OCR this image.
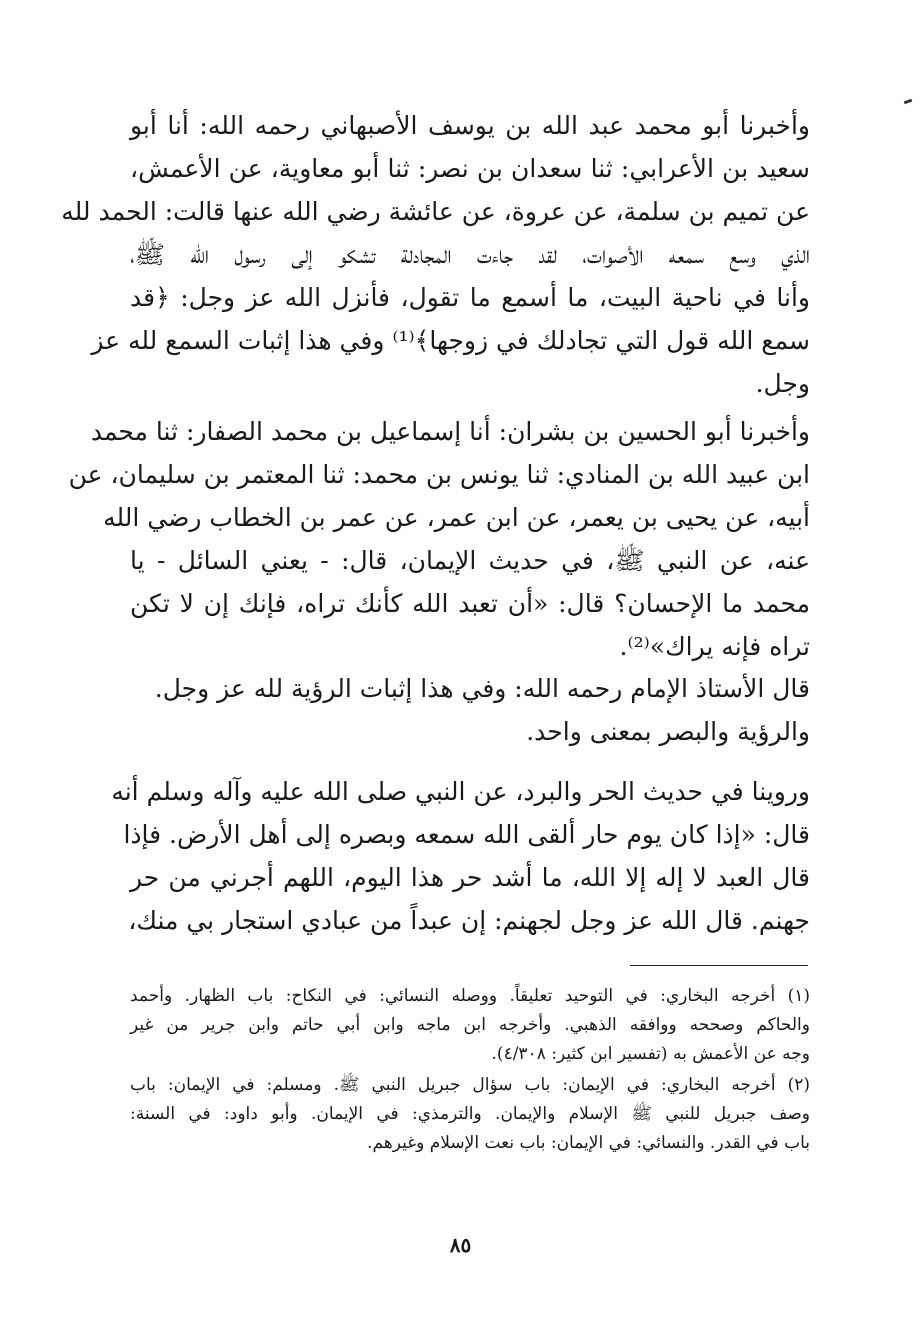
وأخبرنا أبو محمد عبد الله بن يوسف الأصبهاني رحمه الله: أنا أبو
سعيد بن الأعرابي: ثنا سعدان بن نصر: ثنا أبو معاوية، عن الأعمش،
عن تميم بن سلمة، عن عروة، عن عائشة رضي الله عنها قالت: الحمد لله
الذي وسع سمعه الأصوات، لقد جاءت المجادلة تشكو إلى رسول الله ﷺ،
وأنا في ناحية البيت، ما أسمع ما تقول، فأنزل الله عز وجل: ﴿قد
سمع الله قول التي تجادلك في زوجها﴾⁽¹⁾ وفي هذا إثبات السمع لله عز
وجل.

وأخبرنا أبو الحسين بن بشران: أنا إسماعيل بن محمد الصفار: ثنا محمد
ابن عبيد الله بن المنادي: ثنا يونس بن محمد: ثنا المعتمر بن سليمان، عن
أبيه، عن يحيى بن يعمر، عن ابن عمر، عن عمر بن الخطاب رضي الله
عنه، عن النبي ﷺ، في حديث الإيمان، قال: - يعني السائل - يا
محمد ما الإحسان؟ قال: «أن تعبد الله كأنك تراه، فإنك إن لا تكن
تراه فإنه يراك»⁽²⁾.

قال الأستاذ الإمام رحمه الله: وفي هذا إثبات الرؤية لله عز وجل.
والرؤية والبصر بمعنى واحد.

وروينا في حديث الحر والبرد، عن النبي صلى الله عليه وآله وسلم أنه
قال: «إذا كان يوم حار ألقى الله سمعه وبصره إلى أهل الأرض. فإذا
قال العبد لا إله إلا الله، ما أشد حر هذا اليوم، اللهم أجرني من حر
جهنم. قال الله عز وجل لجهنم: إن عبداً من عبادي استجار بي منك،

(١) أخرجه البخاري: في التوحيد تعليقاً. ووصله النسائي: في النكاح: باب الظهار. وأحمد
والحاكم وصححه ووافقه الذهبي. وأخرجه ابن ماجه وابن أبي حاتم وابن جرير من غير
وجه عن الأعمش به (تفسير ابن كثير: ٤/٣٠٨).
(٢) أخرجه البخاري: في الإيمان: باب سؤال جبريل النبي ﷺ. ومسلم: في الإيمان: باب
وصف جبريل للنبي ﷺ الإسلام والإيمان. والترمذي: في الإيمان. وأبو داود: في السنة:
باب في القدر. والنسائي: في الإيمان: باب نعت الإسلام وغيرهم.
٨٥
